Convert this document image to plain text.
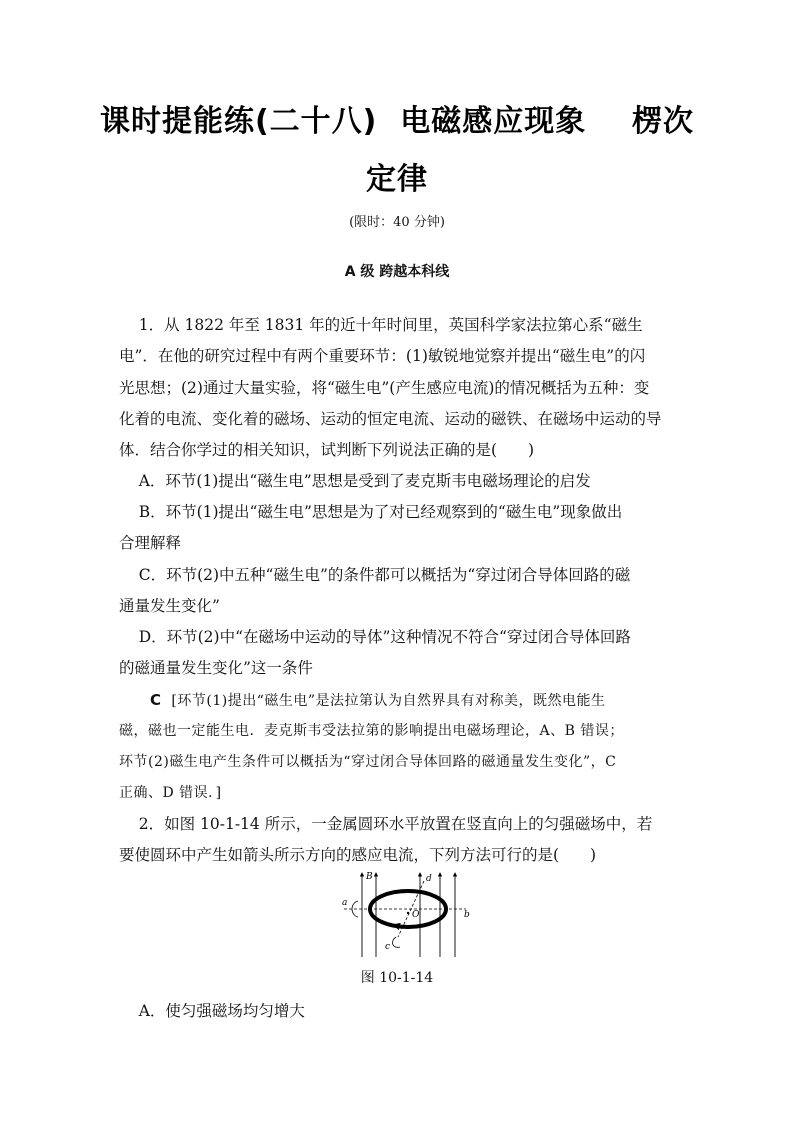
课时提能练(二十八)  电磁感应现象    楞次
定律
(限时：40 分钟)
A 级 跨越本科线
1．从 1822 年至 1831 年的近十年时间里，英国科学家法拉第心系“磁生
电”．在他的研究过程中有两个重要环节：(1)敏锐地觉察并提出“磁生电”的闪
光思想；(2)通过大量实验，将“磁生电”(产生感应电流)的情况概括为五种：变
化着的电流、变化着的磁场、运动的恒定电流、运动的磁铁、在磁场中运动的导
体．结合你学过的相关知识，试判断下列说法正确的是(　　)
A．环节(1)提出“磁生电”思想是受到了麦克斯韦电磁场理论的启发
B．环节(1)提出“磁生电”思想是为了对已经观察到的“磁生电”现象做出
合理解释
C．环节(2)中五种“磁生电”的条件都可以概括为“穿过闭合导体回路的磁
通量发生变化”
D．环节(2)中“在磁场中运动的导体”这种情况不符合“穿过闭合导体回路
的磁通量发生变化”这一条件
C  [环节(1)提出“磁生电”是法拉第认为自然界具有对称美，既然电能生
磁，磁也一定能生电．麦克斯韦受法拉第的影响提出电磁场理论，A、B 错误；
环节(2)磁生电产生条件可以概括为“穿过闭合导体回路的磁通量发生变化”，C
正确、D 错误．]
2．如图 10-1-14 所示，一金属圆环水平放置在竖直向上的匀强磁场中，若
要使圆环中产生如箭头所示方向的感应电流，下列方法可行的是(　　)
B
a
b
d
c
O
图 10-1-14
A．使匀强磁场均匀增大
